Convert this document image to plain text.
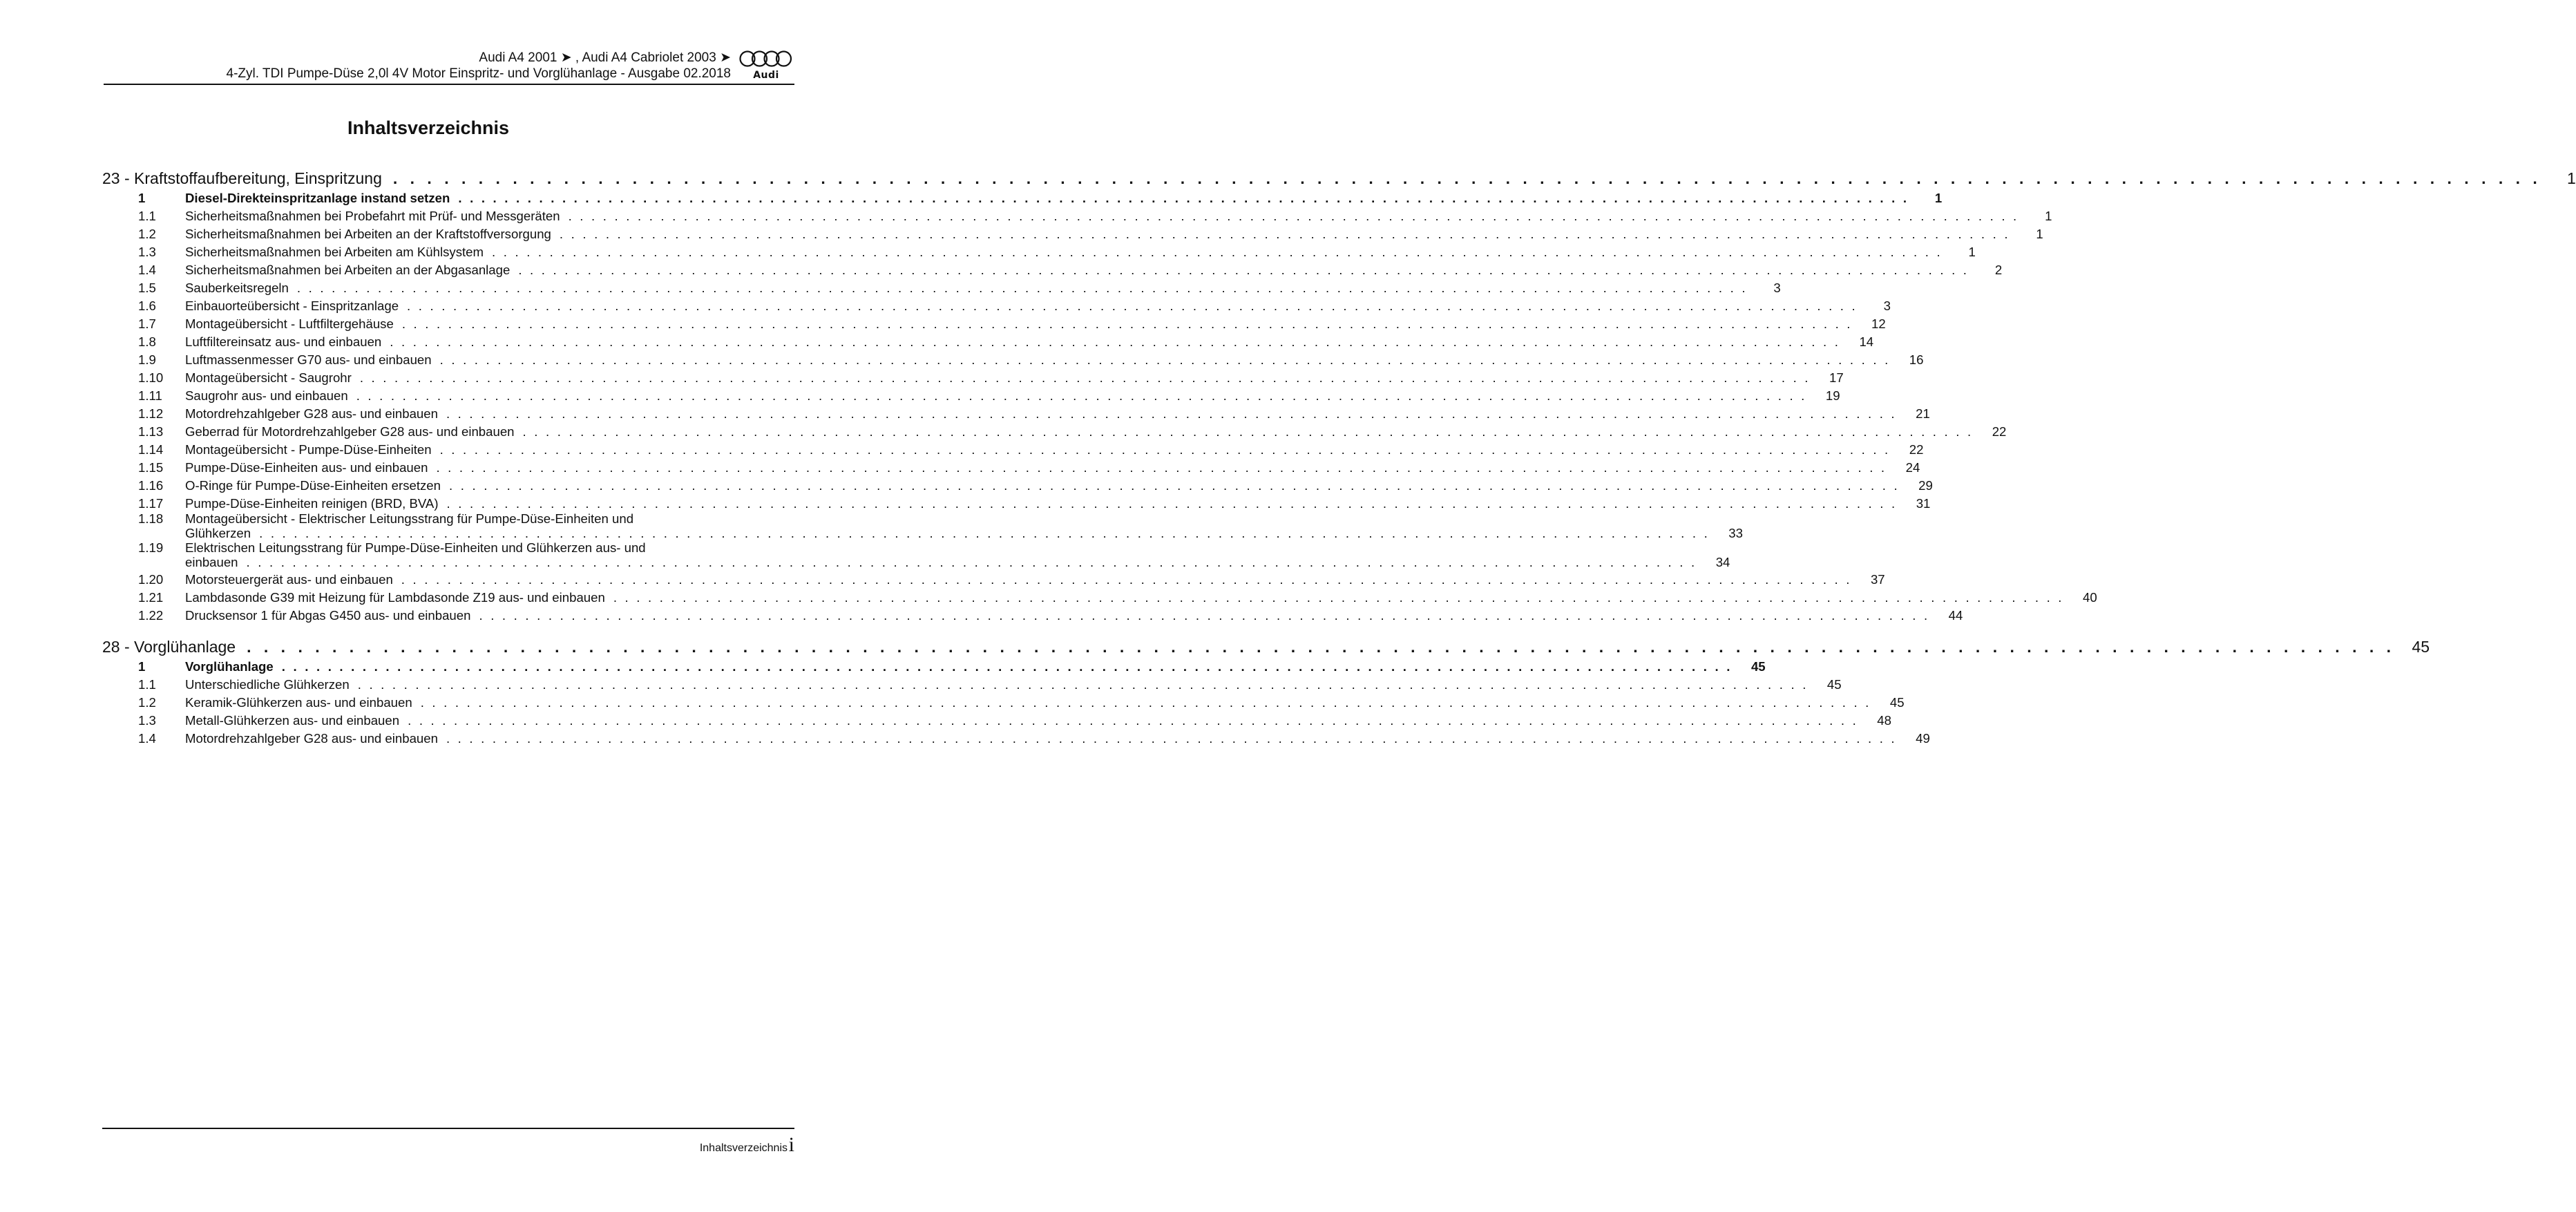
Audi A4 2001 ➤ , Audi A4 Cabriolet 2003 ➤
4-Zyl. TDI Pumpe-Düse 2,0l 4V Motor Einspritz- und Vorglühanlage - Ausgabe 02.2018	Audi
Inhaltsverzeichnis
23 - Kraftstoffaufbereitung, Einspritzung . . . . . . . . . . . . . . . . . . . . . . . . . . . . . . . . . . . . . . . . . . . . . . . . . . . . . . . . . . . . . . . . . . . . . . . . . . . . . . . . . . . . . . . . . . . . . . . . . . . . . . . . . . . . . . . . . . . . . . . . . . . . . .	1
1	Diesel-Direkteinspritzanlage instand setzen . . . . . . . . . . . . . . . . . . . . . . . . . . . . . . . . . . . . . . . . . . . . . . . . . . . . . . . . . . . . . . . . . . . . . . . . . . . . . . . . . . . . . . . . . . . . . . . . . . . . . . . . . . . . . . . . . . . . . . . . . . . . . .	1
1.1	Sicherheitsmaßnahmen bei Probefahrt mit Prüf- und Messgeräten . . . . . . . . . . . . . . . . . . . . . . . . . . . . . . . . . . . . . . . . . . . . . . . . . . . . . . . . . . . . . . . . . . . . . . . . . . . . . . . . . . . . . . . . . . . . . . . . . . . . . . . . . . . . . . . . . . . . . . . . . . . . . .	1
1.2	Sicherheitsmaßnahmen bei Arbeiten an der Kraftstoffversorgung . . . . . . . . . . . . . . . . . . . . . . . . . . . . . . . . . . . . . . . . . . . . . . . . . . . . . . . . . . . . . . . . . . . . . . . . . . . . . . . . . . . . . . . . . . . . . . . . . . . . . . . . . . . . . . . . . . . . . . . . . . . . . .	1
1.3	Sicherheitsmaßnahmen bei Arbeiten am Kühlsystem . . . . . . . . . . . . . . . . . . . . . . . . . . . . . . . . . . . . . . . . . . . . . . . . . . . . . . . . . . . . . . . . . . . . . . . . . . . . . . . . . . . . . . . . . . . . . . . . . . . . . . . . . . . . . . . . . . . . . . . . . . . . . .	1
1.4	Sicherheitsmaßnahmen bei Arbeiten an der Abgasanlage . . . . . . . . . . . . . . . . . . . . . . . . . . . . . . . . . . . . . . . . . . . . . . . . . . . . . . . . . . . . . . . . . . . . . . . . . . . . . . . . . . . . . . . . . . . . . . . . . . . . . . . . . . . . . . . . . . . . . . . . . . . . . .	2
1.5	Sauberkeitsregeln . . . . . . . . . . . . . . . . . . . . . . . . . . . . . . . . . . . . . . . . . . . . . . . . . . . . . . . . . . . . . . . . . . . . . . . . . . . . . . . . . . . . . . . . . . . . . . . . . . . . . . . . . . . . . . . . . . . . . . . . . . . . . .	3
1.6	Einbauorteübersicht - Einspritzanlage . . . . . . . . . . . . . . . . . . . . . . . . . . . . . . . . . . . . . . . . . . . . . . . . . . . . . . . . . . . . . . . . . . . . . . . . . . . . . . . . . . . . . . . . . . . . . . . . . . . . . . . . . . . . . . . . . . . . . . . . . . . . . .	3
1.7	Montageübersicht - Luftfiltergehäuse . . . . . . . . . . . . . . . . . . . . . . . . . . . . . . . . . . . . . . . . . . . . . . . . . . . . . . . . . . . . . . . . . . . . . . . . . . . . . . . . . . . . . . . . . . . . . . . . . . . . . . . . . . . . . . . . . . . . . . . . . . . . . .	12
1.8	Luftfiltereinsatz aus- und einbauen . . . . . . . . . . . . . . . . . . . . . . . . . . . . . . . . . . . . . . . . . . . . . . . . . . . . . . . . . . . . . . . . . . . . . . . . . . . . . . . . . . . . . . . . . . . . . . . . . . . . . . . . . . . . . . . . . . . . . . . . . . . . . .	14
1.9	Luftmassenmesser G70 aus- und einbauen . . . . . . . . . . . . . . . . . . . . . . . . . . . . . . . . . . . . . . . . . . . . . . . . . . . . . . . . . . . . . . . . . . . . . . . . . . . . . . . . . . . . . . . . . . . . . . . . . . . . . . . . . . . . . . . . . . . . . . . . . . . . . .	16
1.10	Montageübersicht - Saugrohr . . . . . . . . . . . . . . . . . . . . . . . . . . . . . . . . . . . . . . . . . . . . . . . . . . . . . . . . . . . . . . . . . . . . . . . . . . . . . . . . . . . . . . . . . . . . . . . . . . . . . . . . . . . . . . . . . . . . . . . . . . . . . .	17
1.11	Saugrohr aus- und einbauen . . . . . . . . . . . . . . . . . . . . . . . . . . . . . . . . . . . . . . . . . . . . . . . . . . . . . . . . . . . . . . . . . . . . . . . . . . . . . . . . . . . . . . . . . . . . . . . . . . . . . . . . . . . . . . . . . . . . . . . . . . . . . .	19
1.12	Motordrehzahlgeber G28 aus- und einbauen . . . . . . . . . . . . . . . . . . . . . . . . . . . . . . . . . . . . . . . . . . . . . . . . . . . . . . . . . . . . . . . . . . . . . . . . . . . . . . . . . . . . . . . . . . . . . . . . . . . . . . . . . . . . . . . . . . . . . . . . . . . . . .	21
1.13	Geberrad für Motordrehzahlgeber G28 aus- und einbauen . . . . . . . . . . . . . . . . . . . . . . . . . . . . . . . . . . . . . . . . . . . . . . . . . . . . . . . . . . . . . . . . . . . . . . . . . . . . . . . . . . . . . . . . . . . . . . . . . . . . . . . . . . . . . . . . . . . . . . . . . . . . . .	22
1.14	Montageübersicht - Pumpe-Düse-Einheiten . . . . . . . . . . . . . . . . . . . . . . . . . . . . . . . . . . . . . . . . . . . . . . . . . . . . . . . . . . . . . . . . . . . . . . . . . . . . . . . . . . . . . . . . . . . . . . . . . . . . . . . . . . . . . . . . . . . . . . . . . . . . . .	22
1.15	Pumpe-Düse-Einheiten aus- und einbauen . . . . . . . . . . . . . . . . . . . . . . . . . . . . . . . . . . . . . . . . . . . . . . . . . . . . . . . . . . . . . . . . . . . . . . . . . . . . . . . . . . . . . . . . . . . . . . . . . . . . . . . . . . . . . . . . . . . . . . . . . . . . . .	24
1.16	O-Ringe für Pumpe-Düse-Einheiten ersetzen . . . . . . . . . . . . . . . . . . . . . . . . . . . . . . . . . . . . . . . . . . . . . . . . . . . . . . . . . . . . . . . . . . . . . . . . . . . . . . . . . . . . . . . . . . . . . . . . . . . . . . . . . . . . . . . . . . . . . . . . . . . . . .	29
1.17	Pumpe-Düse-Einheiten reinigen (BRD, BVA) . . . . . . . . . . . . . . . . . . . . . . . . . . . . . . . . . . . . . . . . . . . . . . . . . . . . . . . . . . . . . . . . . . . . . . . . . . . . . . . . . . . . . . . . . . . . . . . . . . . . . . . . . . . . . . . . . . . . . . . . . . . . . .	31
1.18	Montageübersicht - Elektrischer Leitungsstrang für Pumpe-Düse-Einheiten und
Glühkerzen . . . . . . . . . . . . . . . . . . . . . . . . . . . . . . . . . . . . . . . . . . . . . . . . . . . . . . . . . . . . . . . . . . . . . . . . . . . . . . . . . . . . . . . . . . . . . . . . . . . . . . . . . . . . . . . . . . . . . . . . . . . . . .	33
1.19	Elektrischen Leitungsstrang für Pumpe-Düse-Einheiten und Glühkerzen aus- und
einbauen . . . . . . . . . . . . . . . . . . . . . . . . . . . . . . . . . . . . . . . . . . . . . . . . . . . . . . . . . . . . . . . . . . . . . . . . . . . . . . . . . . . . . . . . . . . . . . . . . . . . . . . . . . . . . . . . . . . . . . . . . . . . . .	34
1.20	Motorsteuergerät aus- und einbauen . . . . . . . . . . . . . . . . . . . . . . . . . . . . . . . . . . . . . . . . . . . . . . . . . . . . . . . . . . . . . . . . . . . . . . . . . . . . . . . . . . . . . . . . . . . . . . . . . . . . . . . . . . . . . . . . . . . . . . . . . . . . . .	37
1.21	Lambdasonde G39 mit Heizung für Lambdasonde Z19 aus- und einbauen . . . . . . . . . . . . . . . . . . . . . . . . . . . . . . . . . . . . . . . . . . . . . . . . . . . . . . . . . . . . . . . . . . . . . . . . . . . . . . . . . . . . . . . . . . . . . . . . . . . . . . . . . . . . . . . . . . . . . . . . . . . . . .	40
1.22	Drucksensor 1 für Abgas G450 aus- und einbauen . . . . . . . . . . . . . . . . . . . . . . . . . . . . . . . . . . . . . . . . . . . . . . . . . . . . . . . . . . . . . . . . . . . . . . . . . . . . . . . . . . . . . . . . . . . . . . . . . . . . . . . . . . . . . . . . . . . . . . . . . . . . . .	44
28 - Vorglühanlage . . . . . . . . . . . . . . . . . . . . . . . . . . . . . . . . . . . . . . . . . . . . . . . . . . . . . . . . . . . . . . . . . . . . . . . . . . . . . . . . . . . . . . . . . . . . . . . . . . . . . . . . . . . . . . . . . . . . . . . . . . . . . .	45
1	Vorglühanlage . . . . . . . . . . . . . . . . . . . . . . . . . . . . . . . . . . . . . . . . . . . . . . . . . . . . . . . . . . . . . . . . . . . . . . . . . . . . . . . . . . . . . . . . . . . . . . . . . . . . . . . . . . . . . . . . . . . . . . . . . . . . . .	45
1.1	Unterschiedliche Glühkerzen . . . . . . . . . . . . . . . . . . . . . . . . . . . . . . . . . . . . . . . . . . . . . . . . . . . . . . . . . . . . . . . . . . . . . . . . . . . . . . . . . . . . . . . . . . . . . . . . . . . . . . . . . . . . . . . . . . . . . . . . . . . . . .	45
1.2	Keramik-Glühkerzen aus- und einbauen . . . . . . . . . . . . . . . . . . . . . . . . . . . . . . . . . . . . . . . . . . . . . . . . . . . . . . . . . . . . . . . . . . . . . . . . . . . . . . . . . . . . . . . . . . . . . . . . . . . . . . . . . . . . . . . . . . . . . . . . . . . . . .	45
1.3	Metall-Glühkerzen aus- und einbauen . . . . . . . . . . . . . . . . . . . . . . . . . . . . . . . . . . . . . . . . . . . . . . . . . . . . . . . . . . . . . . . . . . . . . . . . . . . . . . . . . . . . . . . . . . . . . . . . . . . . . . . . . . . . . . . . . . . . . . . . . . . . . .	48
1.4	Motordrehzahlgeber G28 aus- und einbauen . . . . . . . . . . . . . . . . . . . . . . . . . . . . . . . . . . . . . . . . . . . . . . . . . . . . . . . . . . . . . . . . . . . . . . . . . . . . . . . . . . . . . . . . . . . . . . . . . . . . . . . . . . . . . . . . . . . . . . . . . . . . . .	49
Inhaltsverzeichnis i
